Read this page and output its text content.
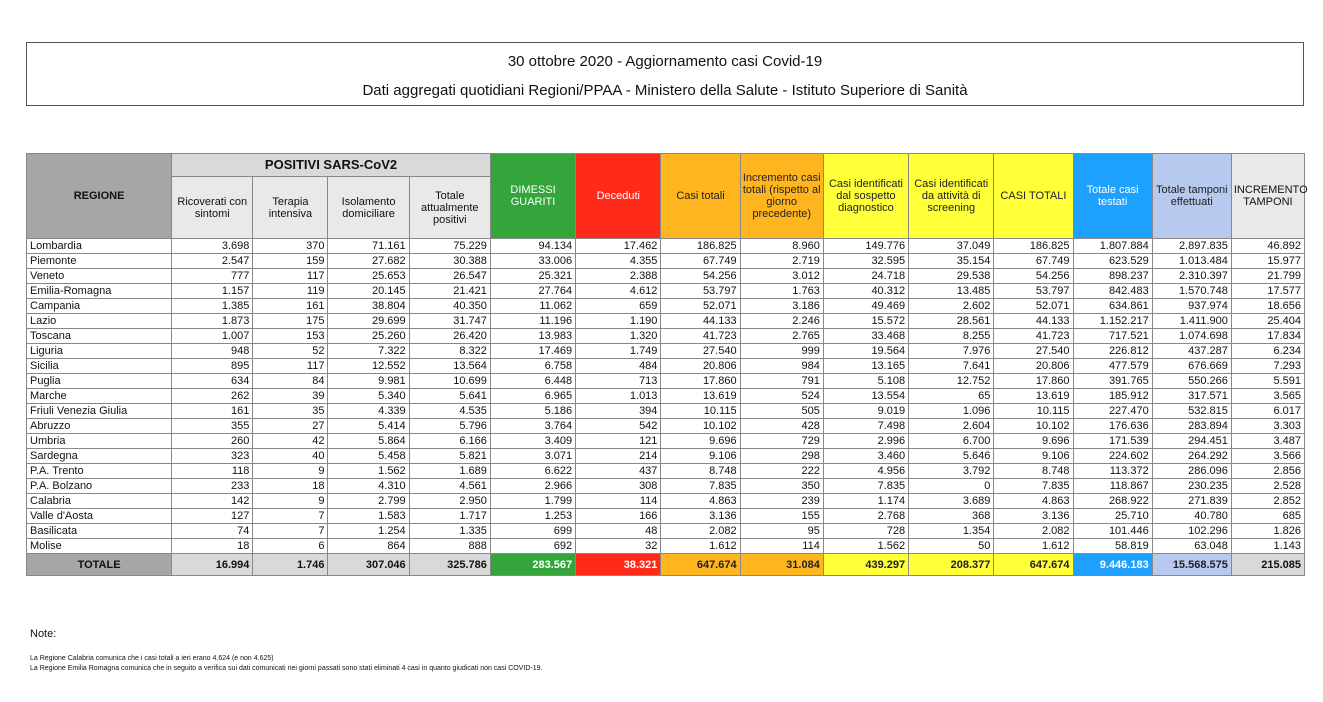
30 ottobre 2020 - Aggiornamento casi Covid-19
Dati aggregati quotidiani Regioni/PPAA - Ministero della Salute - Istituto Superiore di Sanità
REGIONE	POSITIVI SARS-CoV2				DIMESSI GUARITI	Deceduti	Casi totali	Incremento casi totali (rispetto al giorno precedente)	Casi identificati dal sospetto diagnostico	Casi identificati da attività di screening	CASI TOTALI	Totale casi testati	Totale tamponi effettuati	INCREMENTO TAMPONI
	Ricoverati con sintomi	Terapia intensiva	Isolamento domiciliare	Totale attualmente positivi										
Lombardia	3.698	370	71.161	75.229	94.134	17.462	186.825	8.960	149.776	37.049	186.825	1.807.884	2.897.835	46.892
Piemonte	2.547	159	27.682	30.388	33.006	4.355	67.749	2.719	32.595	35.154	67.749	623.529	1.013.484	15.977
Veneto	777	117	25.653	26.547	25.321	2.388	54.256	3.012	24.718	29.538	54.256	898.237	2.310.397	21.799
Emilia-Romagna	1.157	119	20.145	21.421	27.764	4.612	53.797	1.763	40.312	13.485	53.797	842.483	1.570.748	17.577
Campania	1.385	161	38.804	40.350	11.062	659	52.071	3.186	49.469	2.602	52.071	634.861	937.974	18.656
Lazio	1.873	175	29.699	31.747	11.196	1.190	44.133	2.246	15.572	28.561	44.133	1.152.217	1.411.900	25.404
Toscana	1.007	153	25.260	26.420	13.983	1.320	41.723	2.765	33.468	8.255	41.723	717.521	1.074.698	17.834
Liguria	948	52	7.322	8.322	17.469	1.749	27.540	999	19.564	7.976	27.540	226.812	437.287	6.234
Sicilia	895	117	12.552	13.564	6.758	484	20.806	984	13.165	7.641	20.806	477.579	676.669	7.293
Puglia	634	84	9.981	10.699	6.448	713	17.860	791	5.108	12.752	17.860	391.765	550.266	5.591
Marche	262	39	5.340	5.641	6.965	1.013	13.619	524	13.554	65	13.619	185.912	317.571	3.565
Friuli Venezia Giulia	161	35	4.339	4.535	5.186	394	10.115	505	9.019	1.096	10.115	227.470	532.815	6.017
Abruzzo	355	27	5.414	5.796	3.764	542	10.102	428	7.498	2.604	10.102	176.636	283.894	3.303
Umbria	260	42	5.864	6.166	3.409	121	9.696	729	2.996	6.700	9.696	171.539	294.451	3.487
Sardegna	323	40	5.458	5.821	3.071	214	9.106	298	3.460	5.646	9.106	224.602	264.292	3.566
P.A. Trento	118	9	1.562	1.689	6.622	437	8.748	222	4.956	3.792	8.748	113.372	286.096	2.856
P.A. Bolzano	233	18	4.310	4.561	2.966	308	7.835	350	7.835	0	7.835	118.867	230.235	2.528
Calabria	142	9	2.799	2.950	1.799	114	4.863	239	1.174	3.689	4.863	268.922	271.839	2.852
Valle d'Aosta	127	7	1.583	1.717	1.253	166	3.136	155	2.768	368	3.136	25.710	40.780	685
Basilicata	74	7	1.254	1.335	699	48	2.082	95	728	1.354	2.082	101.446	102.296	1.826
Molise	18	6	864	888	692	32	1.612	114	1.562	50	1.612	58.819	63.048	1.143
TOTALE	16.994	1.746	307.046	325.786	283.567	38.321	647.674	31.084	439.297	208.377	647.674	9.446.183	15.568.575	215.085
Note:
La Regione Calabria comunica che i casi totali a ieri erano 4.624 (e non 4.625)
La Regione Emilia Romagna comunica che in seguito a verifica sui dati comunicati nei giorni passati sono stati eliminati 4 casi in quanto giudicati non casi COVID-19.
